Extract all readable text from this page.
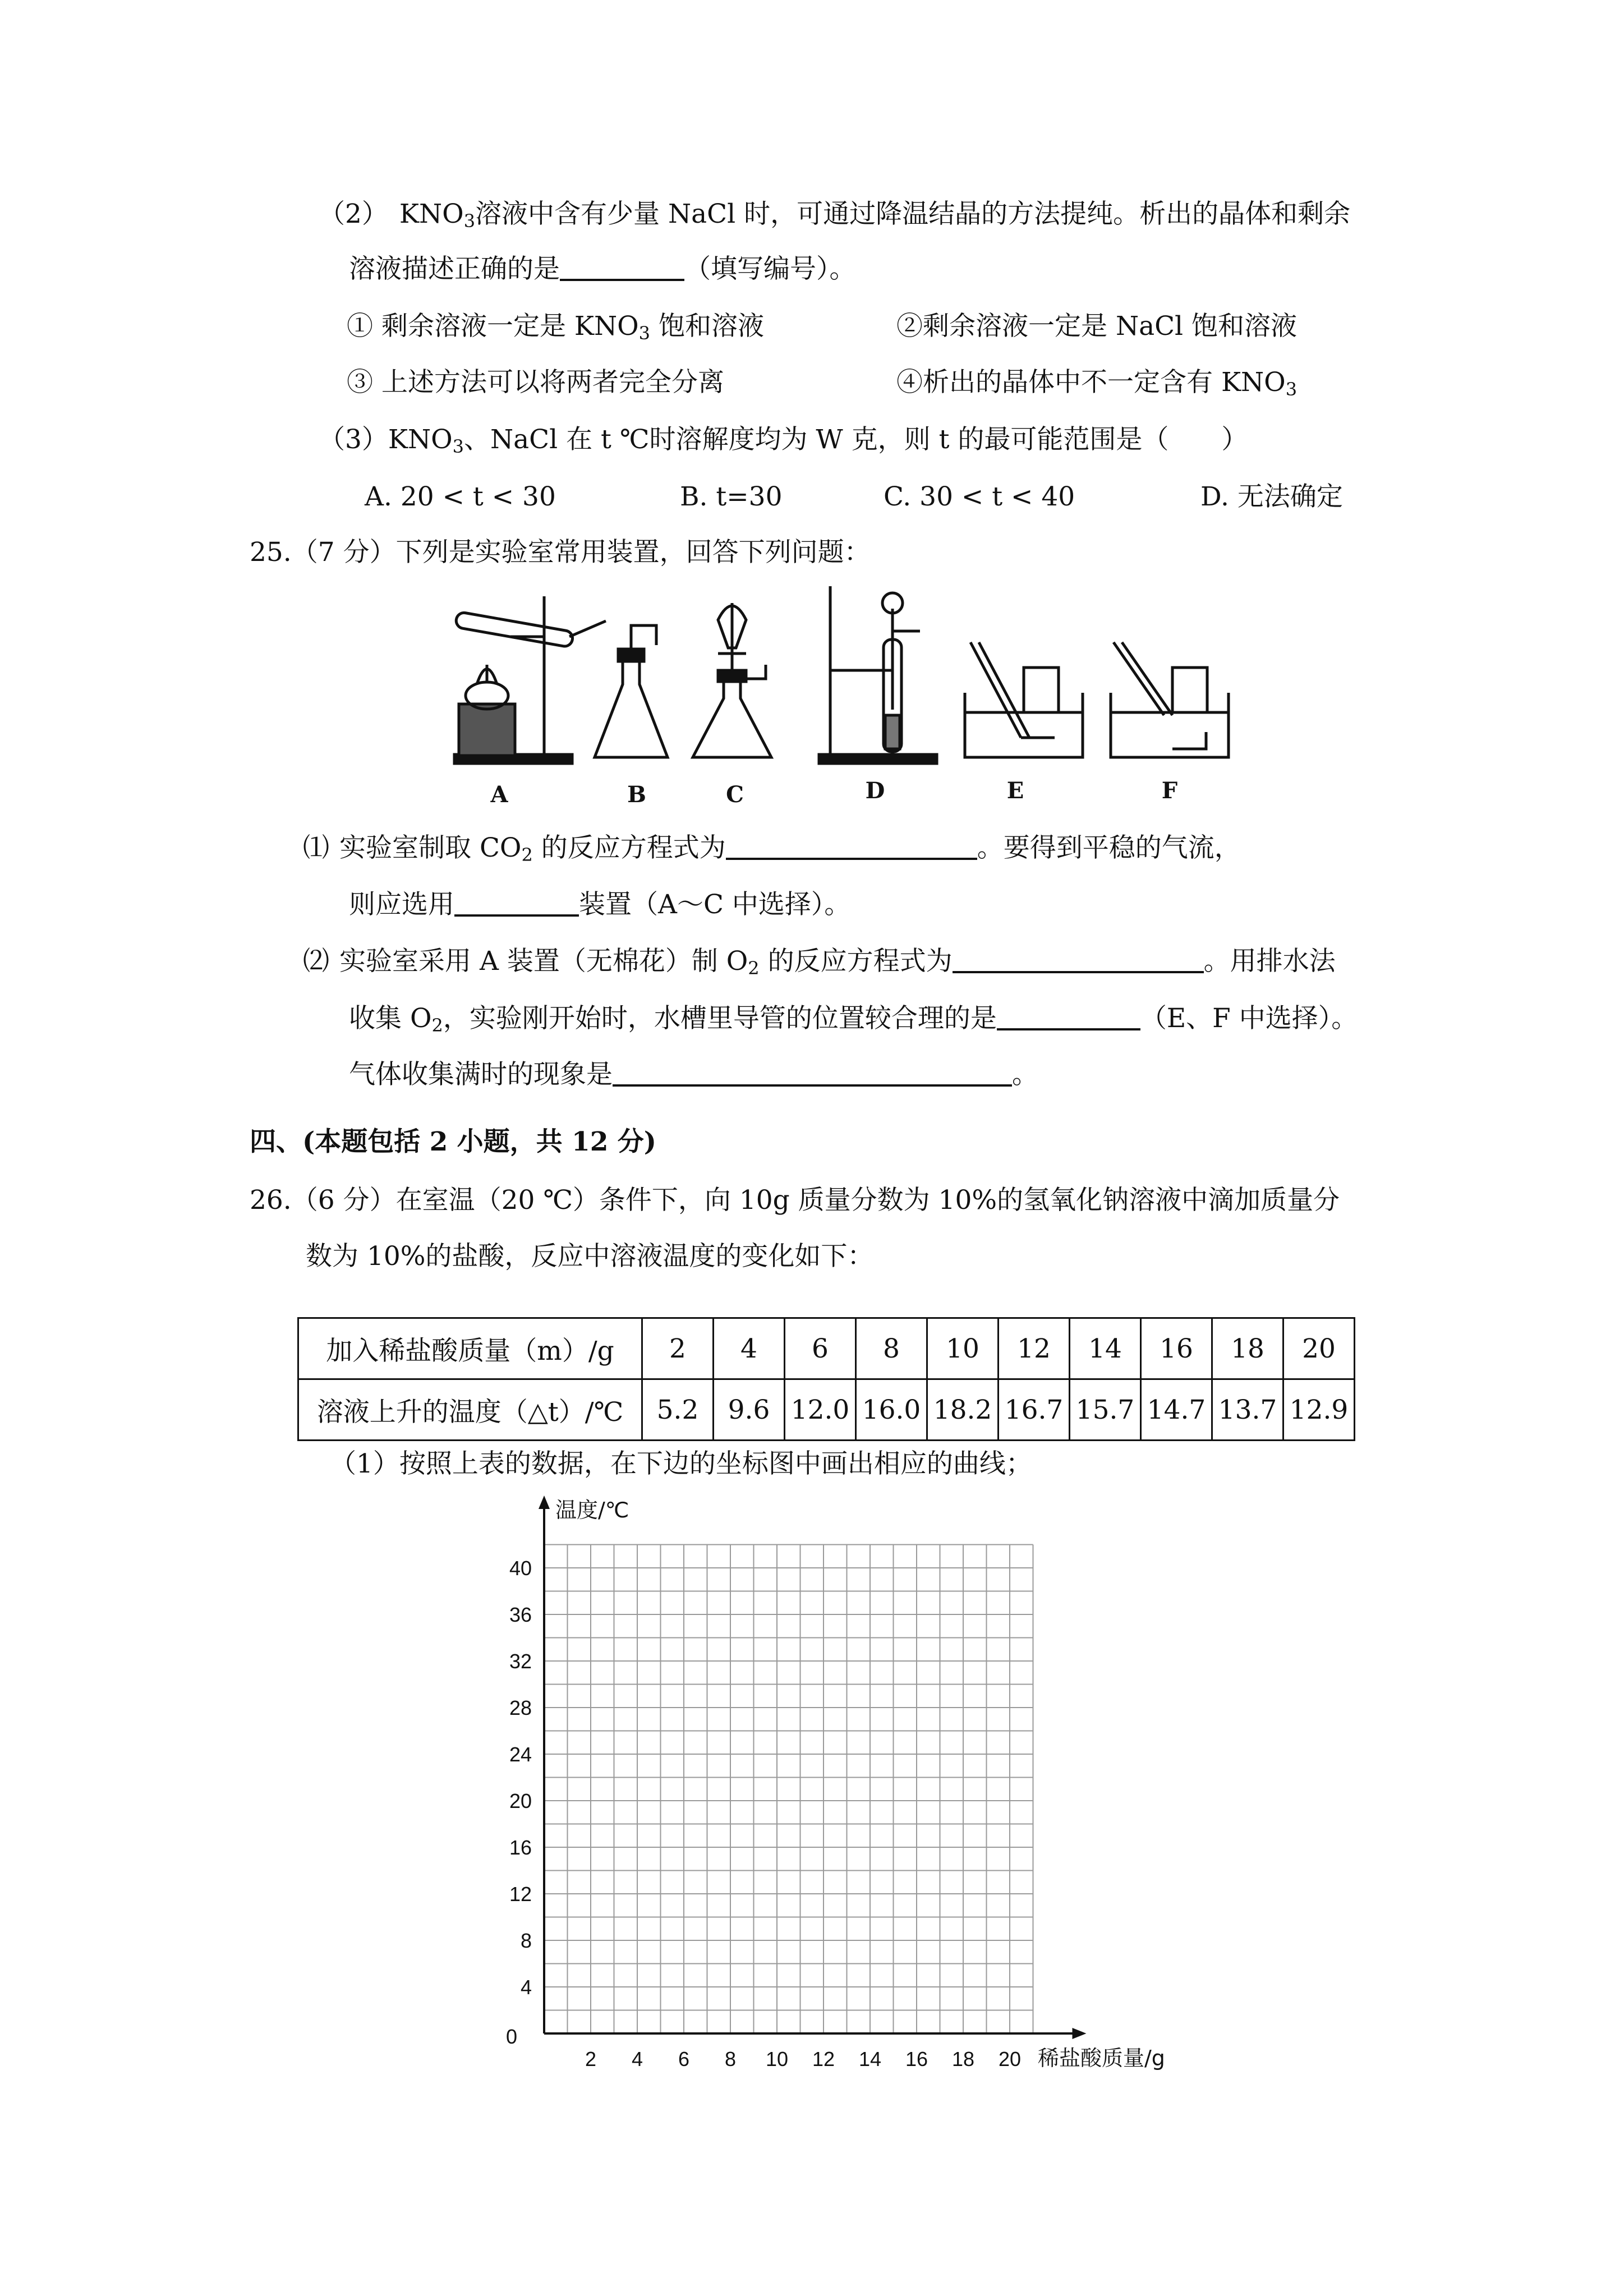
（2） $KNO_3$溶液中含有少量 NaCl 时，可通过降温结晶的方法提纯。析出的晶体和剩余
溶液描述正确的是	（填写编号）。
① 剩余溶液一定是 $KNO_3$ 饱和溶液	②剩余溶液一定是 NaCl 饱和溶液
③ 上述方法可以将两者完全分离	④析出的晶体中不一定含有 $KNO_3$
$(3)KNO_3$、NaCl 在 t ℃时溶解度均为 W 克，则 t 的最可能范围是（　　）
A. 20 < t < 30	B. t=30	C. 30 < t < 40	D. 无法确定
25.（7 分）下列是实验室常用装置，回答下列问题：
A	B	C	D	E	F
⑴ 实验室制取 $CO_2$ 的反应方程式为	。要得到平稳的气流，
则应选用	装置（A～C 中选择）。
⑵ 实验室采用 A 装置（无棉花）制 $O_2$ 的反应方程式为	。用排水法
收集 $O_2$，实验刚开始时，水槽里导管的位置较合理的是	（E、F 中选择）。
气体收集满时的现象是	。
四、(本题包括 2 小题，共 12 分)
26.（6 分）在室温（20 ℃）条件下，向 10g 质量分数为 10%的氢氧化钠溶液中滴加质量分
数为 10%的盐酸，反应中溶液温度的变化如下：
加入稀盐酸质量（m）/g	2	4	6	8	10	12	14	16	18	20
溶液上升的温度（△t）/℃	5.2	9.6	12.0	16.0	18.2	16.7	15.7	14.7	13.7	12.9
（1）按照上表的数据，在下边的坐标图中画出相应的曲线；
0
4
8
12
16
20
24
28
32
36
40
2 4 6 8 10 12 14 16 18 20
温度/℃
稀盐酸质量/g
